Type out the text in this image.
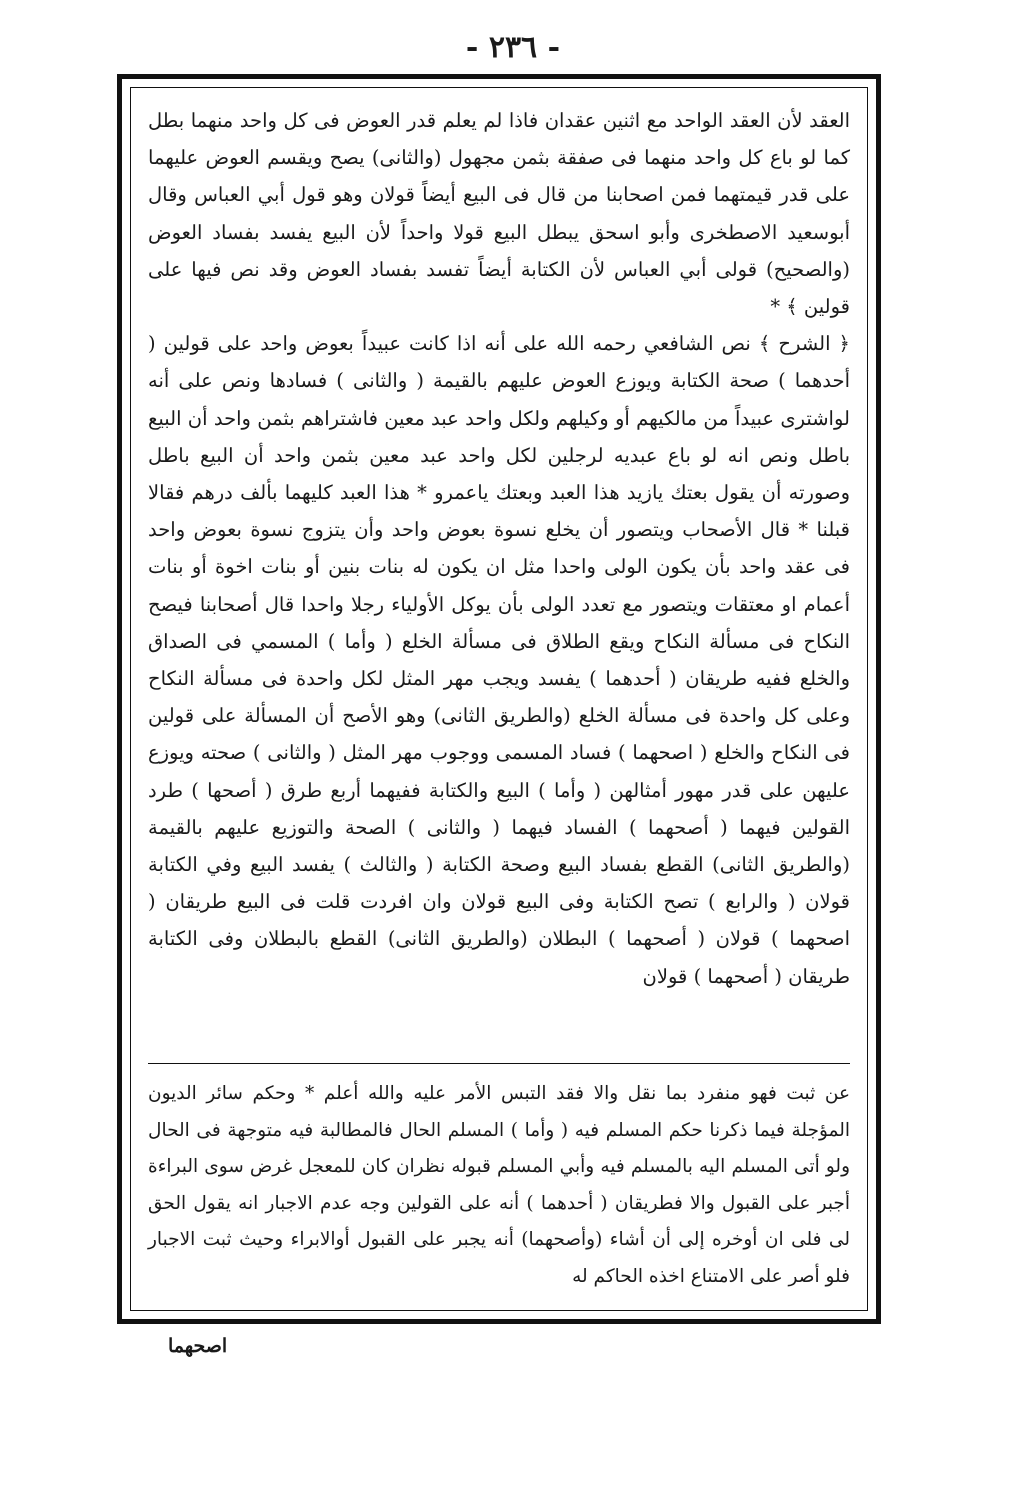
- ٢٣٦ -

العقد لأن العقد الواحد مع اثنين عقدان فاذا لم يعلم قدر العوض فى كل واحد منهما بطل كما لو باع كل واحد منهما فى صفقة بثمن مجهول (والثانى) يصح ويقسم العوض عليهما على قدر قيمتهما فمن اصحابنا من قال فى البيع أيضاً قولان وهو قول أبي العباس وقال أبوسعيد الاصطخرى وأبو اسحق يبطل البيع قولا واحداً لأن البيع يفسد بفساد العوض (والصحيح) قولى أبي العباس لأن الكتابة أيضاً تفسد بفساد العوض وقد نص فيها على قولين ﴾ *

﴿ الشرح ﴾ نص الشافعي رحمه الله على أنه اذا كانت عبيداً بعوض واحد على قولين ( أحدهما ) صحة الكتابة ويوزع العوض عليهم بالقيمة ( والثانى ) فسادها ونص على أنه لواشترى عبيداً من مالكيهم أو وكيلهم ولكل واحد عبد معين فاشتراهم بثمن واحد أن البيع باطل ونص انه لو باع عبديه لرجلين لكل واحد عبد معين بثمن واحد أن البيع باطل وصورته أن يقول بعتك يازيد هذا العبد وبعتك ياعمرو * هذا العبد كليهما بألف درهم فقالا قبلنا * قال الأصحاب ويتصور أن يخلع نسوة بعوض واحد وأن يتزوج نسوة بعوض واحد فى عقد واحد بأن يكون الولى واحدا مثل ان يكون له بنات بنين أو بنات اخوة أو بنات أعمام او معتقات ويتصور مع تعدد الولى بأن يوكل الأولياء رجلا واحدا قال أصحابنا فيصح النكاح فى مسألة النكاح ويقع الطلاق فى مسألة الخلع ( وأما ) المسمي فى الصداق والخلع ففيه طريقان ( أحدهما ) يفسد ويجب مهر المثل لكل واحدة فى مسألة النكاح وعلى كل واحدة فى مسألة الخلع (والطريق الثانى) وهو الأصح أن المسألة على قولين فى النكاح والخلع ( اصحهما ) فساد المسمى ووجوب مهر المثل ( والثانى ) صحته ويوزع عليهن على قدر مهور أمثالهن ( وأما ) البيع والكتابة ففيهما أربع طرق ( أصحها ) طرد القولين فيهما ( أصحهما ) الفساد فيهما ( والثانى ) الصحة والتوزيع عليهم بالقيمة (والطريق الثانى) القطع بفساد البيع وصحة الكتابة ( والثالث ) يفسد البيع وفي الكتابة قولان ( والرابع ) تصح الكتابة وفى البيع قولان وان افردت قلت فى البيع طريقان ( اصحهما ) قولان ( أصحهما ) البطلان (والطريق الثانى) القطع بالبطلان وفى الكتابة طريقان ( أصحهما ) قولان

عن ثبت فهو منفرد بما نقل والا فقد التبس الأمر عليه والله أعلم * وحكم سائر الديون المؤجلة فيما ذكرنا حكم المسلم فيه ( وأما ) المسلم الحال فالمطالبة فيه متوجهة فى الحال ولو أتى المسلم اليه بالمسلم فيه وأبي المسلم قبوله نظران كان للمعجل غرض سوى البراءة أجبر على القبول والا فطريقان ( أحدهما ) أنه على القولين وجه عدم الاجبار انه يقول الحق لى فلى ان أوخره إلى أن أشاء (وأصحهما) أنه يجبر على القبول أوالابراء وحيث ثبت الاجبار فلو أصر على الامتناع اخذه الحاكم له

اصحهما
